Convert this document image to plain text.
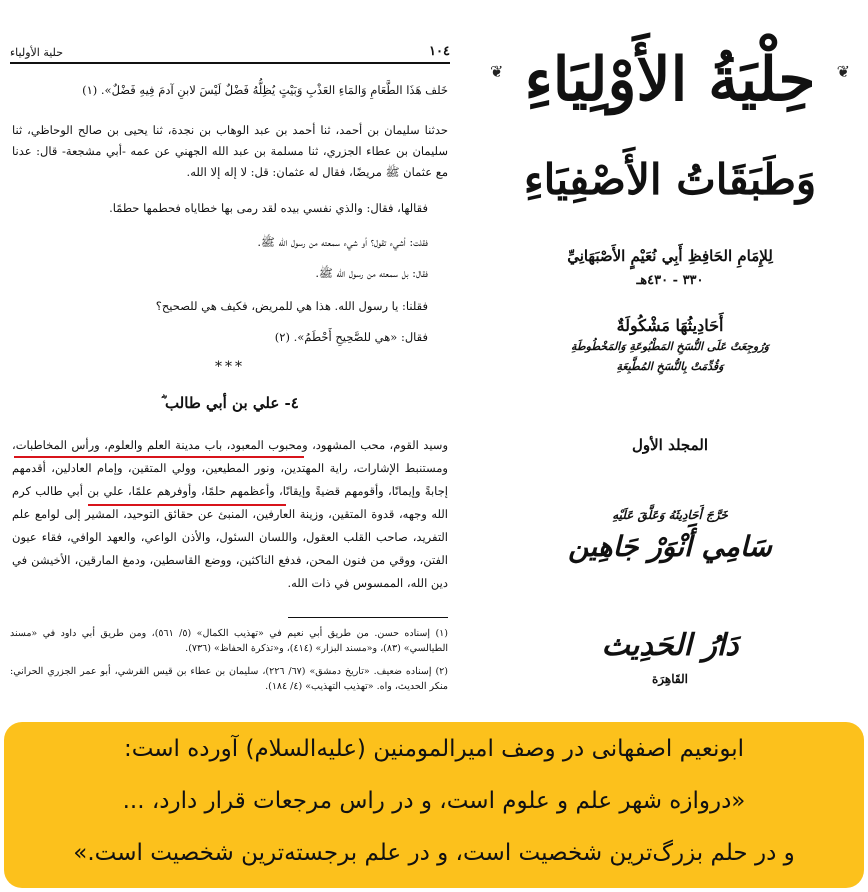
١٠٤
حلية الأولياء

خَلف هَذَا الطَّعَامِ وَالمَاءِ العَذْبِ وَبَيْتٍ يُظِلُّهُ فَضْلٌ لَيْسَ لابنِ آدمَ فِيهِ فَضْلٌ». (١)

حدثنا سليمان بن أحمد، ثنا أحمد بن عبد الوهاب بن نجدة، ثنا يحيى بن صالح الوحاظي، ثنا سليمان بن عطاء الجزري، ثنا مسلمة بن عبد الله الجهني عن عمه -أبي مشجعة- قال: عدنا مع عثمان ﷺ مريضًا، فقال له عثمان: قل: لا إله إلا الله.

فقالها، فقال: والذي نفسي بيده لقد رمى بها خطاياه فحطمها حطمًا.

فقلت: أشيء تقول؟ أو شيء سمعته من رسول الله ﷺ.

فقال: بل سمعته من رسول الله ﷺ.

فقلنا: يا رسول الله. هذا هي للمريض، فكيف هي للصحيح؟

فقال: «هي للصَّحِيحِ أَحْطَمُ». (٢)

***
٤- علي بن أبي طالب ؓ

وسيد القوم، محب المشهود، ومحبوب المعبود، باب مدينة العلم والعلوم، ورأس المخاطبات، ومستنبط الإشارات، راية المهتدين، ونور المطيعين، وولي المتقين، وإمام العادلين، أقدمهم إجابةً وإيمانًا، وأقومهم قضيةً وإيقانًا، وأعظمهم حلمًا، وأوفرهم علمًا، علي بن أبي طالب كرم الله وجهه، قدوة المتقين، وزينة العارفين، المنبئ عن حقائق التوحيد، المشير إلى لوامع علم التفريد، صاحب القلب العقول، واللسان السئول، والأذن الواعي، والعهد الوافي، فقاء عيون الفتن، ووقي من فنون المحن، فدفع الناكثين، ووضع القاسطين، ودمغ المارقين، الأخيشن في دين الله، الممسوس في ذات الله.

(١) إسناده حسن. من طريق أبي نعيم في «تهذيب الكمال» (٥/ ٥٦١)، ومن طريق أبي داود في «مسند الطيالسي» (٨٣)، و«مسند البزار» (٤١٤)، و«تذكرة الحفاظ» (٧٣٦).

(٢) إسناده ضعيف. «تاريخ دمشق» (٦٧/ ٢٢٦)، سليمان بن عطاء بن قيس القرشي، أبو عمر الجزري الحراني: منكر الحديث، واه. «تهذيب التهذيب» (٤/ ١٨٤).

❦	❦
حِلْيَةُ الأَوْلِيَاءِ
وَطَبَقَاتُ الأَصْفِيَاءِ
لِلإِمَامِ الحَافِظِ أَبِي نُعَيْمٍ الأَصْبَهَانِيِّ
٣٣٠ - ٤٣٠هـ
أَحَادِيثُهَا مَشْكُولَةٌ
وَرُوجِعَتْ عَلَى النُّسَخِ المَطْبُوعَةِ وَالمَخْطُوطَةِ
وَقُدِّمَتْ بِالنُّسَخِ المُطَّبِعَةِ
المجلد الأول
خَرَّجَ أَحَادِيثَهُ وَعَلَّقَ عَلَيْهِ
سَامِي أَنْوَرْ جَاهِين
دَارُ الحَدِيث
القَاهِرَة
ابونعیم اصفهانی در وصف امیرالمومنین (علیه‌السلام) آورده است:
«دروازه شهر علم و علوم است، و در راس مرجعات قرار دارد، ...
و در حلم بزرگ‌ترین شخصیت است، و در علم برجسته‌ترین شخصیت است.»
